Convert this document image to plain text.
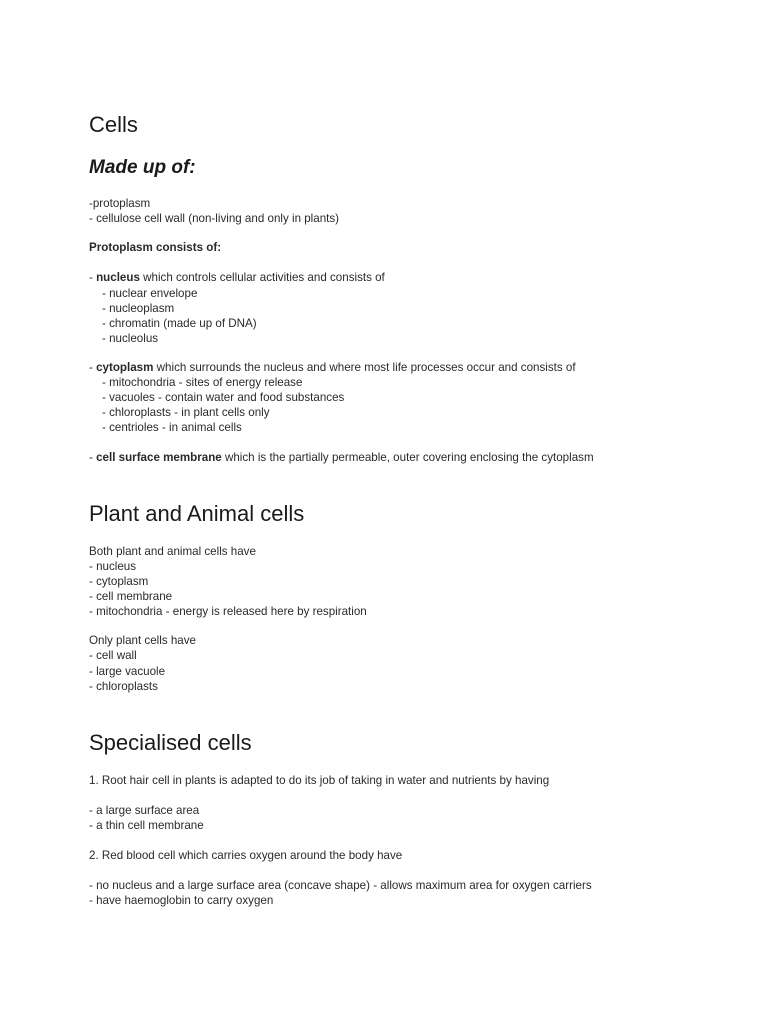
Cells
Made up of:
-protoplasm
- cellulose cell wall (non-living and only in plants)
Protoplasm consists of:
- nucleus which controls cellular activities and consists of
- nuclear envelope
- nucleoplasm
- chromatin (made up of DNA)
- nucleolus
- cytoplasm which surrounds the nucleus and where most life processes occur and consists of
- mitochondria - sites of energy release
- vacuoles - contain water and food substances
- chloroplasts - in plant cells only
- centrioles - in animal cells
- cell surface membrane which is the partially permeable, outer covering enclosing the cytoplasm
Plant and Animal cells
Both plant and animal cells have
- nucleus
- cytoplasm
- cell membrane
- mitochondria - energy is released here by respiration
Only plant cells have
- cell wall
- large vacuole
- chloroplasts
Specialised cells
1. Root hair cell in plants is adapted to do its job of taking in water and nutrients by having
- a large surface area
- a thin cell membrane
2. Red blood cell which carries oxygen around the body have
- no nucleus and a large surface area (concave shape) - allows maximum area for oxygen carriers
- have haemoglobin to carry oxygen
